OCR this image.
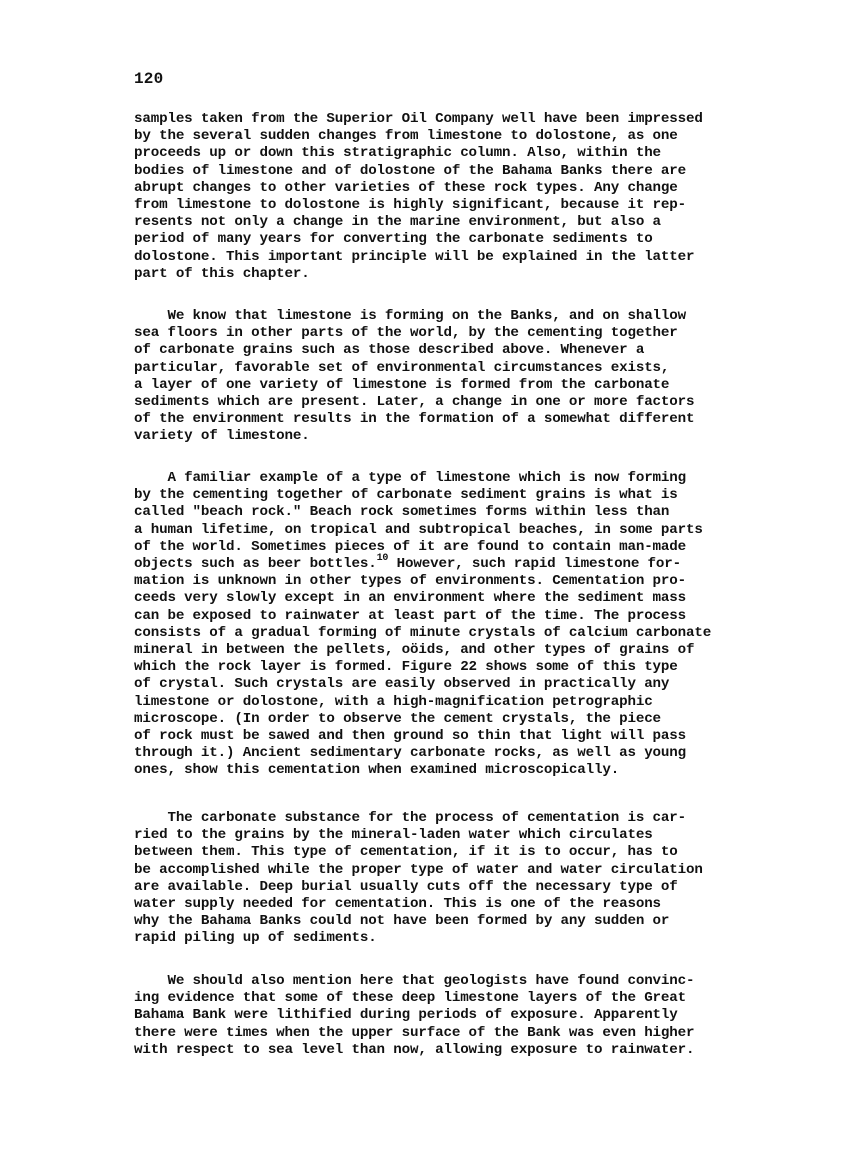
120
samples taken from the Superior Oil Company well have been impressed
by the several sudden changes from limestone to dolostone, as one
proceeds up or down this stratigraphic column. Also, within the
bodies of limestone and of dolostone of the Bahama Banks there are
abrupt changes to other varieties of these rock types. Any change
from limestone to dolostone is highly significant, because it rep-
resents not only a change in the marine environment, but also a
period of many years for converting the carbonate sediments to
dolostone. This important principle will be explained in the latter
part of this chapter.
We know that limestone is forming on the Banks, and on shallow
sea floors in other parts of the world, by the cementing together
of carbonate grains such as those described above. Whenever a
particular, favorable set of environmental circumstances exists,
a layer of one variety of limestone is formed from the carbonate
sediments which are present. Later, a change in one or more factors
of the environment results in the formation of a somewhat different
variety of limestone.
A familiar example of a type of limestone which is now forming
by the cementing together of carbonate sediment grains is what is
called "beach rock." Beach rock sometimes forms within less than
a human lifetime, on tropical and subtropical beaches, in some parts
of the world. Sometimes pieces of it are found to contain man-made
objects such as beer bottles.$^{10}$ However, such rapid limestone for-
mation is unknown in other types of environments. Cementation pro-
ceeds very slowly except in an environment where the sediment mass
can be exposed to rainwater at least part of the time. The process
consists of a gradual forming of minute crystals of calcium carbonate
mineral in between the pellets, oöids, and other types of grains of
which the rock layer is formed. Figure 22 shows some of this type
of crystal. Such crystals are easily observed in practically any
limestone or dolostone, with a high-magnification petrographic
microscope. (In order to observe the cement crystals, the piece
of rock must be sawed and then ground so thin that light will pass
through it.) Ancient sedimentary carbonate rocks, as well as young
ones, show this cementation when examined microscopically.
The carbonate substance for the process of cementation is car-
ried to the grains by the mineral-laden water which circulates
between them. This type of cementation, if it is to occur, has to
be accomplished while the proper type of water and water circulation
are available. Deep burial usually cuts off the necessary type of
water supply needed for cementation. This is one of the reasons
why the Bahama Banks could not have been formed by any sudden or
rapid piling up of sediments.
We should also mention here that geologists have found convinc-
ing evidence that some of these deep limestone layers of the Great
Bahama Bank were lithified during periods of exposure. Apparently
there were times when the upper surface of the Bank was even higher
with respect to sea level than now, allowing exposure to rainwater.
